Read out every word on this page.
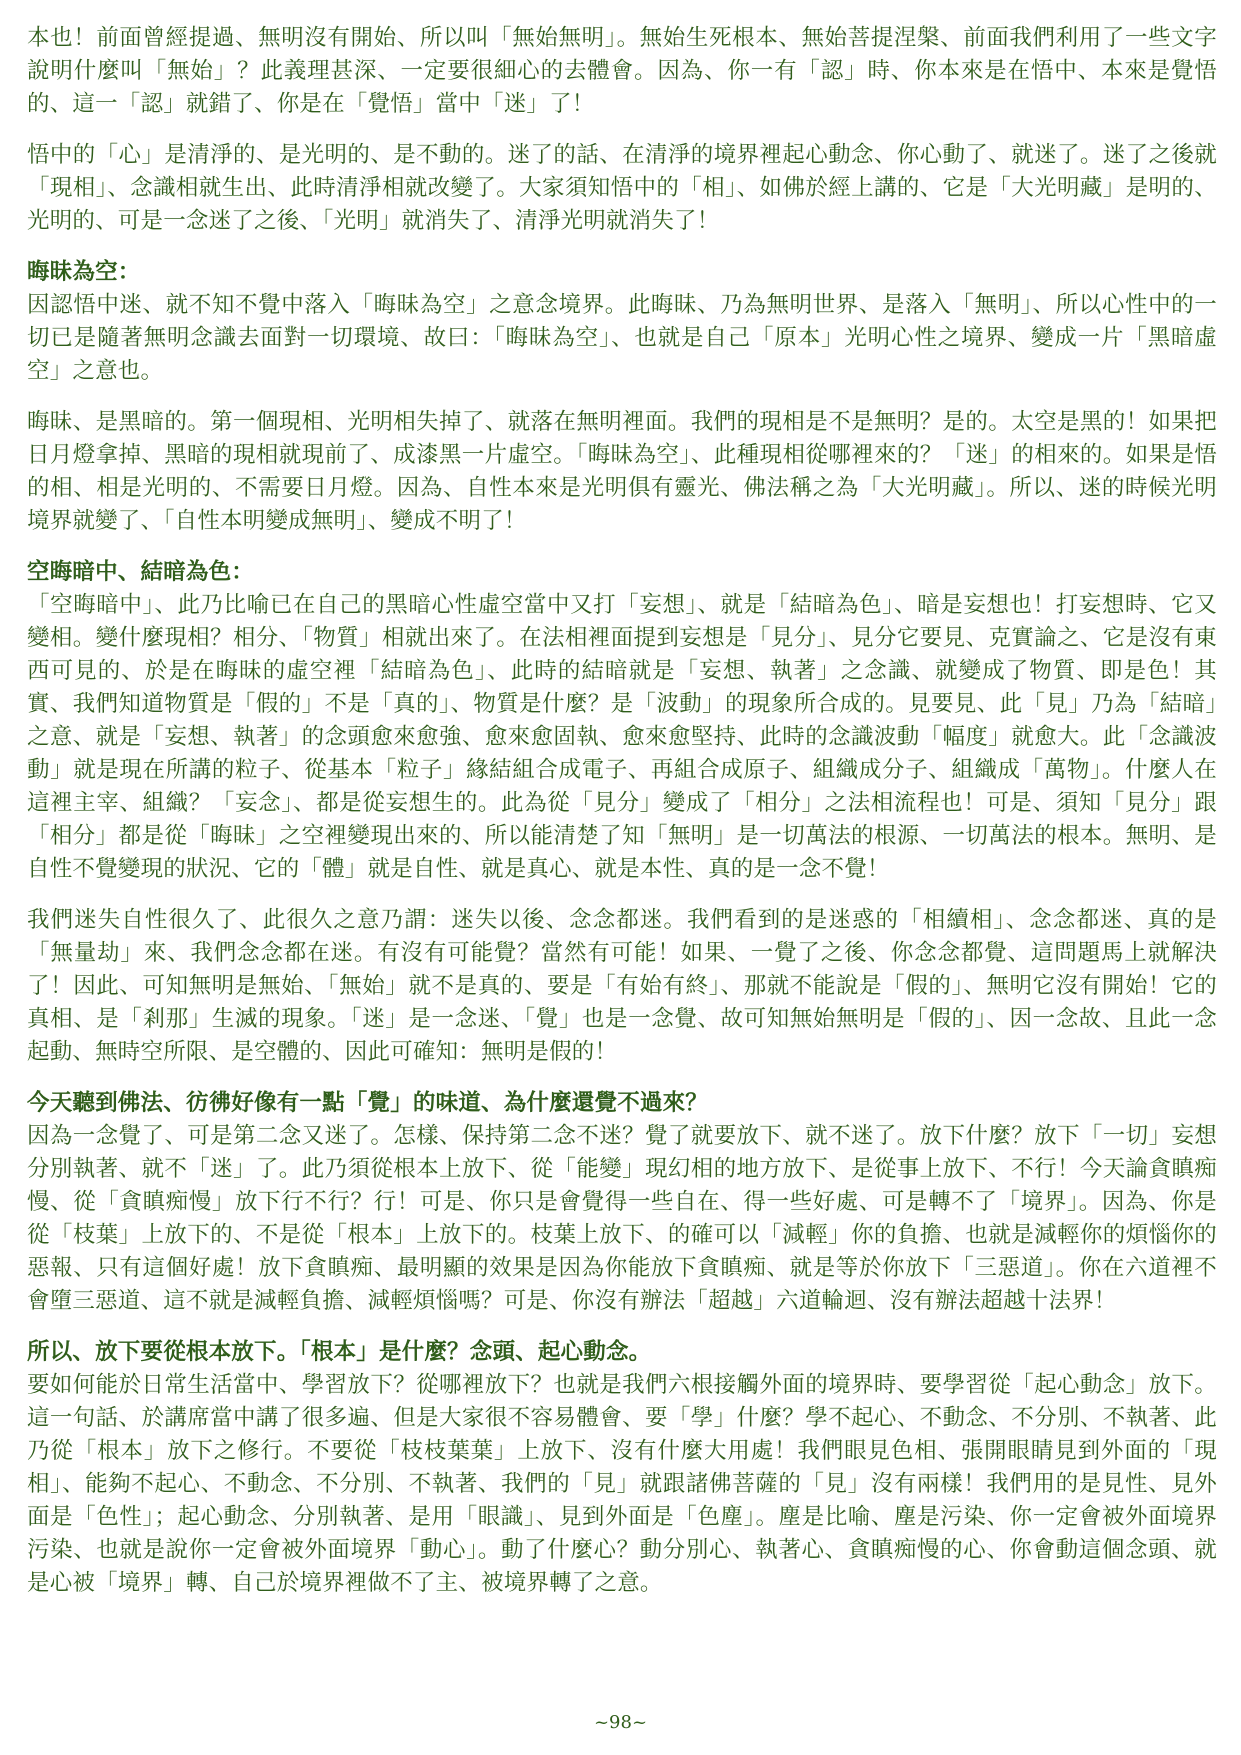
本也！前面曾經提過、無明沒有開始、所以叫「無始無明」。無始生死根本、無始菩提涅槃、前面我們利用了一些文字說明什麼叫「無始」？此義理甚深、一定要很細心的去體會。因為、你一有「認」時、你本來是在悟中、本來是覺悟的、這一「認」就錯了、你是在「覺悟」當中「迷」了！

悟中的「心」是清淨的、是光明的、是不動的。迷了的話、在清淨的境界裡起心動念、你心動了、就迷了。迷了之後就「現相」、念識相就生出、此時清淨相就改變了。大家須知悟中的「相」、如佛於經上講的、它是「大光明藏」是明的、光明的、可是一念迷了之後、「光明」就消失了、清淨光明就消失了！

晦昧為空：

因認悟中迷、就不知不覺中落入「晦昧為空」之意念境界。此晦昧、乃為無明世界、是落入「無明」、所以心性中的一切已是隨著無明念識去面對一切環境、故曰：「晦昧為空」、也就是自己「原本」光明心性之境界、變成一片「黑暗虛空」之意也。

晦昧、是黑暗的。第一個現相、光明相失掉了、就落在無明裡面。我們的現相是不是無明？是的。太空是黑的！如果把日月燈拿掉、黑暗的現相就現前了、成漆黑一片虛空。「晦昧為空」、此種現相從哪裡來的？「迷」的相來的。如果是悟的相、相是光明的、不需要日月燈。因為、自性本來是光明俱有靈光、佛法稱之為「大光明藏」。所以、迷的時候光明境界就變了、「自性本明變成無明」、變成不明了！

空晦暗中、結暗為色：

「空晦暗中」、此乃比喻已在自己的黑暗心性虛空當中又打「妄想」、就是「結暗為色」、暗是妄想也！打妄想時、它又變相。變什麼現相？相分、「物質」相就出來了。在法相裡面提到妄想是「見分」、見分它要見、克實論之、它是沒有東西可見的、於是在晦昧的虛空裡「結暗為色」、此時的結暗就是「妄想、執著」之念識、就變成了物質、即是色！其實、我們知道物質是「假的」不是「真的」、物質是什麼？是「波動」的現象所合成的。見要見、此「見」乃為「結暗」之意、就是「妄想、執著」的念頭愈來愈強、愈來愈固執、愈來愈堅持、此時的念識波動「幅度」就愈大。此「念識波動」就是現在所講的粒子、從基本「粒子」緣結組合成電子、再組合成原子、組織成分子、組織成「萬物」。什麼人在這裡主宰、組織？「妄念」、都是從妄想生的。此為從「見分」變成了「相分」之法相流程也！可是、須知「見分」跟「相分」都是從「晦昧」之空裡變現出來的、所以能清楚了知「無明」是一切萬法的根源、一切萬法的根本。無明、是自性不覺變現的狀況、它的「體」就是自性、就是真心、就是本性、真的是一念不覺！

我們迷失自性很久了、此很久之意乃謂：迷失以後、念念都迷。我們看到的是迷惑的「相續相」、念念都迷、真的是「無量劫」來、我們念念都在迷。有沒有可能覺？當然有可能！如果、一覺了之後、你念念都覺、這問題馬上就解決了！因此、可知無明是無始、「無始」就不是真的、要是「有始有終」、那就不能說是「假的」、無明它沒有開始！它的真相、是「剎那」生滅的現象。「迷」是一念迷、「覺」也是一念覺、故可知無始無明是「假的」、因一念故、且此一念起動、無時空所限、是空體的、因此可確知：無明是假的！

今天聽到佛法、彷彿好像有一點「覺」的味道、為什麼還覺不過來？

因為一念覺了、可是第二念又迷了。怎樣、保持第二念不迷？覺了就要放下、就不迷了。放下什麼？放下「一切」妄想分別執著、就不「迷」了。此乃須從根本上放下、從「能變」現幻相的地方放下、是從事上放下、不行！今天論貪瞋痴慢、從「貪瞋痴慢」放下行不行？行！可是、你只是會覺得一些自在、得一些好處、可是轉不了「境界」。因為、你是從「枝葉」上放下的、不是從「根本」上放下的。枝葉上放下、的確可以「減輕」你的負擔、也就是減輕你的煩惱你的惡報、只有這個好處！放下貪瞋痴、最明顯的效果是因為你能放下貪瞋痴、就是等於你放下「三惡道」。你在六道裡不會墮三惡道、這不就是減輕負擔、減輕煩惱嗎？可是、你沒有辦法「超越」六道輪迴、沒有辦法超越十法界！

所以、放下要從根本放下。「根本」是什麼？念頭、起心動念。

要如何能於日常生活當中、學習放下？從哪裡放下？也就是我們六根接觸外面的境界時、要學習從「起心動念」放下。這一句話、於講席當中講了很多遍、但是大家很不容易體會、要「學」什麼？學不起心、不動念、不分別、不執著、此乃從「根本」放下之修行。不要從「枝枝葉葉」上放下、沒有什麼大用處！我們眼見色相、張開眼睛見到外面的「現相」、能夠不起心、不動念、不分別、不執著、我們的「見」就跟諸佛菩薩的「見」沒有兩樣！我們用的是見性、見外面是「色性」；起心動念、分別執著、是用「眼識」、見到外面是「色塵」。塵是比喻、塵是污染、你一定會被外面境界污染、也就是說你一定會被外面境界「動心」。動了什麼心？動分別心、執著心、貪瞋痴慢的心、你會動這個念頭、就是心被「境界」轉、自己於境界裡做不了主、被境界轉了之意。

~98~
